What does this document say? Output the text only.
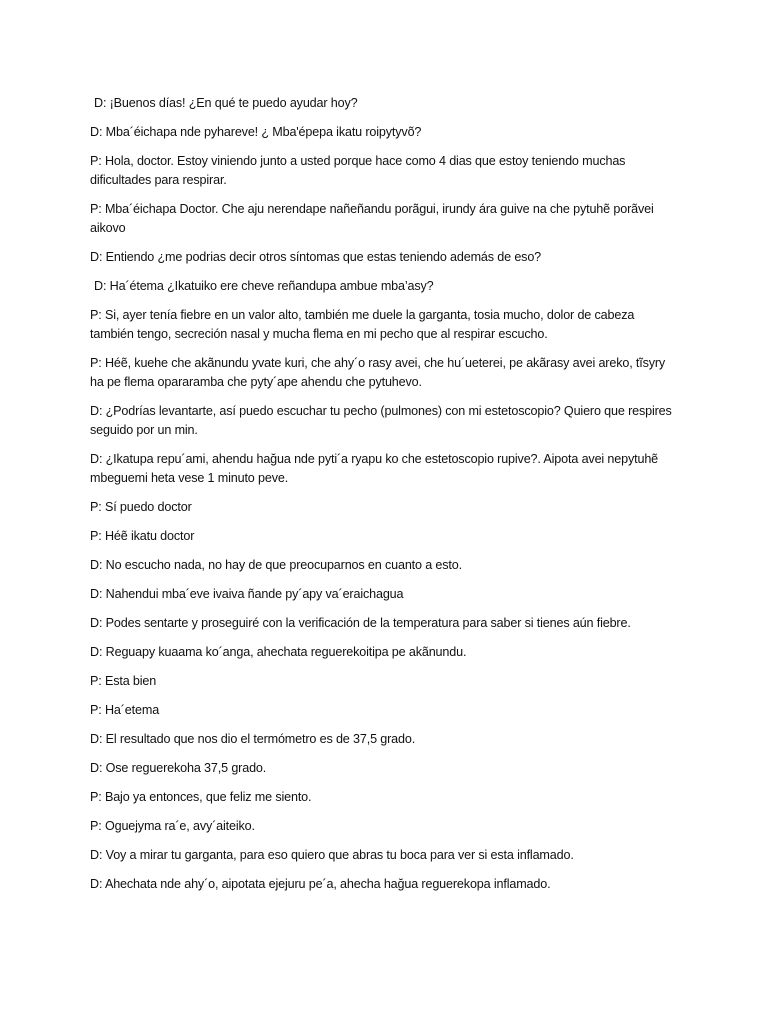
D: ¡Buenos días! ¿En qué te puedo ayudar hoy?

D: Mba´éichapa nde pyhareve! ¿ Mba'épepa ikatu roipytyvõ?

P: Hola, doctor. Estoy viniendo junto a usted porque hace como 4 dias que estoy teniendo muchas dificultades para respirar.

P: Mba´éichapa Doctor. Che aju nerendape nañeñandu porãgui, irundy ára guive na che pytuhẽ porãvei aikovo

D: Entiendo ¿me podrias decir otros síntomas que estas teniendo además de eso?

D: Ha´étema ¿Ikatuiko ere cheve reñandupa ambue mba’asy?

P: Si, ayer tenía fiebre en un valor alto, también me duele la garganta, tosia mucho, dolor de cabeza también tengo, secreción nasal y mucha flema en mi pecho que al respirar escucho.

P: Héẽ, kuehe che akãnundu yvate kuri, che ahy´o rasy avei, che hu´ueterei, pe akãrasy avei areko, tĩsyry ha pe flema opararamba che pyty´ape ahendu che pytuhevo.

D: ¿Podrías levantarte, así puedo escuchar tu pecho (pulmones) con mi estetoscopio? Quiero que respires seguido por un min.

D: ¿Ikatupa repu´ami, ahendu hağua nde pyti´a ryapu ko che estetoscopio rupive?. Aipota avei nepytuhẽ mbeguemi heta vese 1 minuto peve.

P: Sí puedo doctor

P: Héẽ ikatu doctor

D: No escucho nada, no hay de que preocuparnos en cuanto a esto.

D: Nahendui mba´eve ivaiva ñande py´apy va´eraichagua

D: Podes sentarte y proseguiré con la verificación de la temperatura para saber si tienes aún fiebre.

D: Reguapy kuaama ko´anga, ahechata reguerekoitipa pe akãnundu.

P: Esta bien

P: Ha´etema

D: El resultado que nos dio el termómetro es de 37,5 grado.

D: Ose reguerekoha 37,5 grado.

P: Bajo ya entonces, que feliz me siento.

P: Oguejyma ra´e, avy´aiteiko.

D: Voy a mirar tu garganta, para eso quiero que abras tu boca para ver si esta inflamado.

D: Ahechata nde ahy´o, aipotata ejejuru pe´a, ahecha hağua reguerekopa inflamado.
